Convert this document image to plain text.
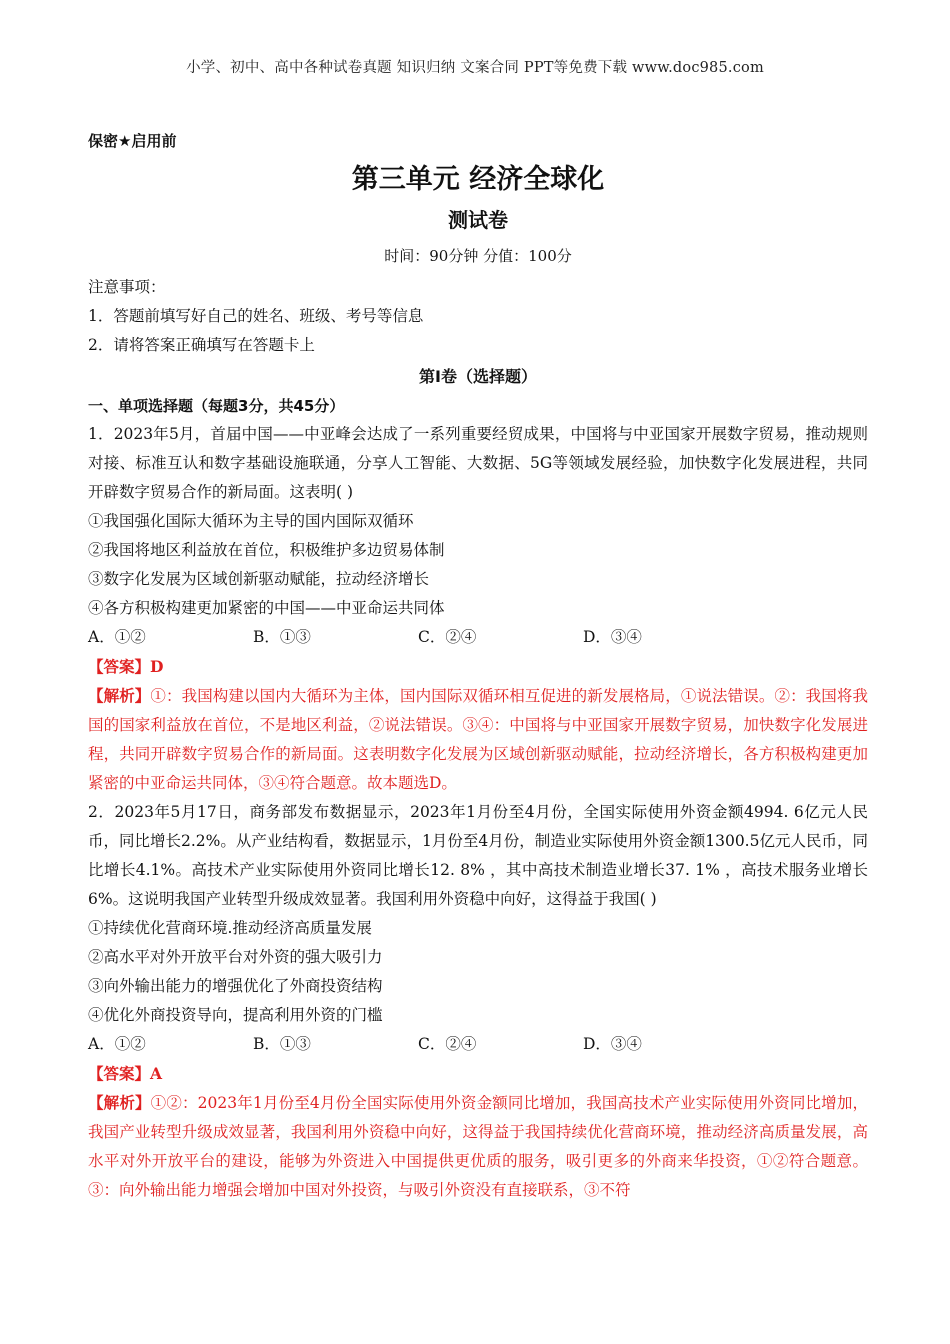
小学、初中、高中各种试卷真题 知识归纳 文案合同 PPT等免费下载 www.doc985.com

保密★启用前

第三单元 经济全球化

测试卷

时间：90分钟 分值：100分

注意事项：

1．答题前填写好自己的姓名、班级、考号等信息

2．请将答案正确填写在答题卡上

第I卷（选择题）

一、单项选择题（每题3分，共45分）

1．2023年5月，首届中国——中亚峰会达成了一系列重要经贸成果，中国将与中亚国家开展数字贸易，推动规则对接、标准互认和数字基础设施联通，分享人工智能、大数据、5G等领域发展经验，加快数字化发展进程，共同开辟数字贸易合作的新局面。这表明( )

①我国强化国际大循环为主导的国内国际双循环

②我国将地区利益放在首位，积极维护多边贸易体制

③数字化发展为区域创新驱动赋能，拉动经济增长

④各方积极构建更加紧密的中国——中亚命运共同体

A．①②	B．①③	C．②④	D．③④

【答案】D

【解析】①：我国构建以国内大循环为主体，国内国际双循环相互促进的新发展格局，①说法错误。②：我国将我国的国家利益放在首位，不是地区利益，②说法错误。③④：中国将与中亚国家开展数字贸易，加快数字化发展进程，共同开辟数字贸易合作的新局面。这表明数字化发展为区域创新驱动赋能，拉动经济增长，各方积极构建更加紧密的中亚命运共同体，③④符合题意。故本题选D。

2．2023年5月17日，商务部发布数据显示，2023年1月份至4月份，全国实际使用外资金额4994. 6亿元人民币，同比增长2.2%。从产业结构看，数据显示，1月份至4月份，制造业实际使用外资金额1300.5亿元人民币，同比增长4.1%。高技术产业实际使用外资同比增长12. 8% ，其中高技术制造业增长37. 1% ，高技术服务业增长6%。这说明我国产业转型升级成效显著。我国利用外资稳中向好，这得益于我国( )

①持续优化营商环境.推动经济高质量发展

②高水平对外开放平台对外资的强大吸引力

③向外输出能力的增强优化了外商投资结构

④优化外商投资导向，提高利用外资的门槛

A．①②	B．①③	C．②④	D．③④

【答案】A

【解析】①②：2023年1月份至4月份全国实际使用外资金额同比增加，我国高技术产业实际使用外资同比增加，我国产业转型升级成效显著，我国利用外资稳中向好，这得益于我国持续优化营商环境，推动经济高质量发展，高水平对外开放平台的建设，能够为外资进入中国提供更优质的服务，吸引更多的外商来华投资，①②符合题意。③：向外输出能力增强会增加中国对外投资，与吸引外资没有直接联系，③不符
